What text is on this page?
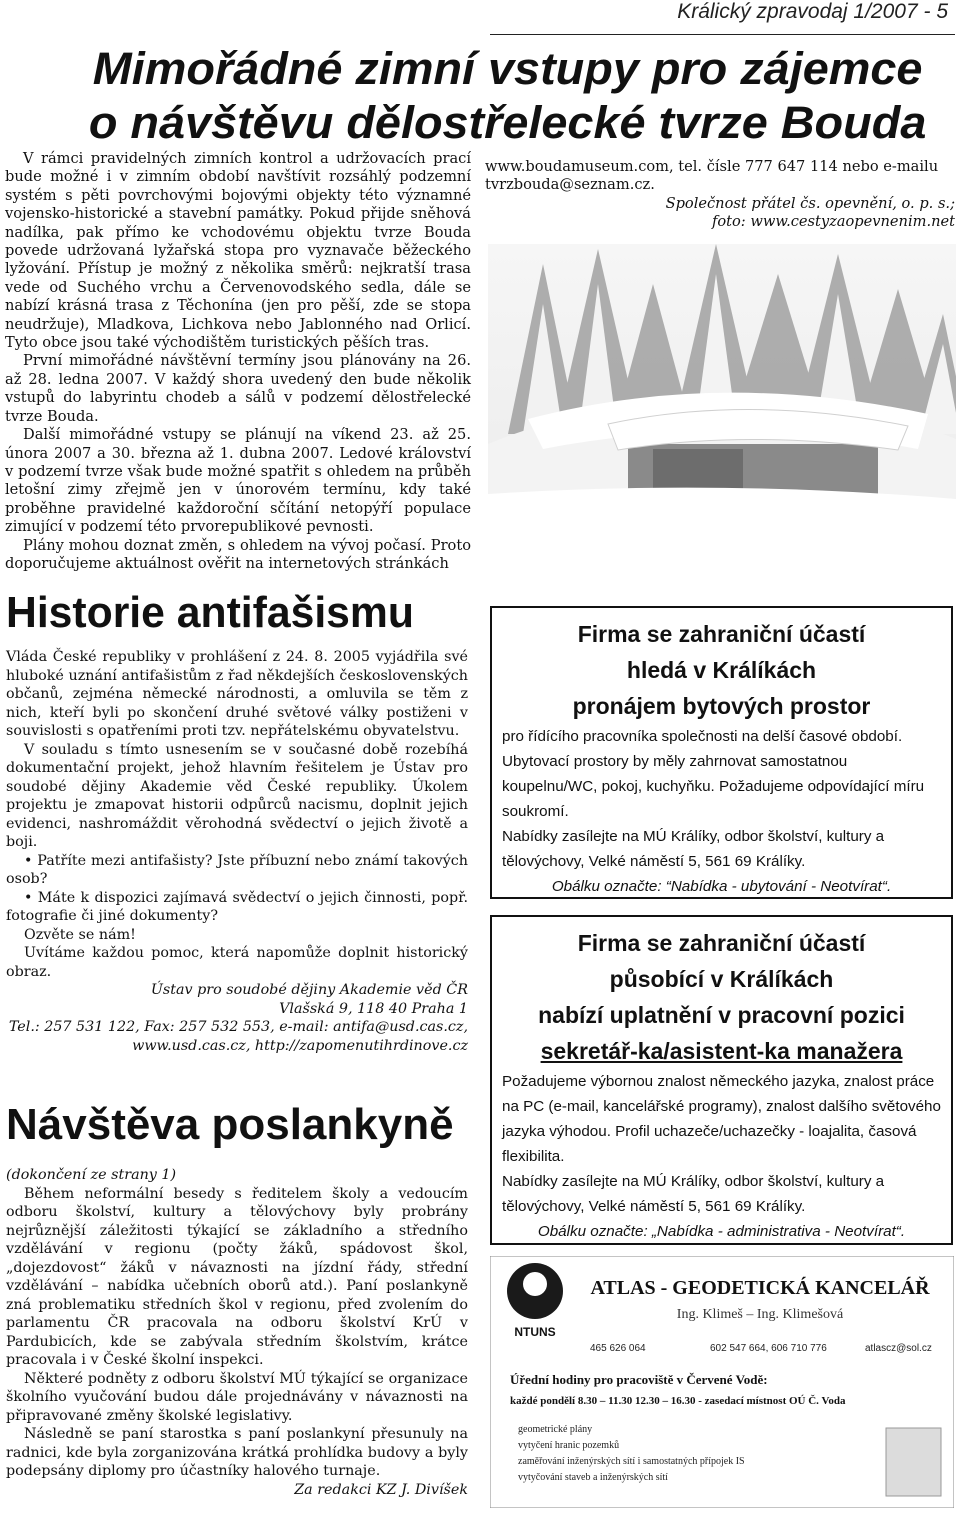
Králický zpravodaj 1/2007 - 5
Mimořádné zimní vstupy pro zájemce
o návštěvu dělostřelecké tvrze Bouda

V rámci pravidelných zimních kontrol a udržovacích prací bude možné i v zimním období navštívit rozsáhlý podzemní systém s pěti povrchovými bojovými objekty této významné vojensko-historické a stavební památky. Pokud přijde sněhová nadílka, pak přímo ke vchodovému objektu tvrze Bouda povede udržovaná lyžařská stopa pro vyznavače běžeckého lyžování. Přístup je možný z několika směrů: nejkratší trasa vede od Suchého vrchu a Červenovodského sedla, dále se nabízí krásná trasa z Těchonína (jen pro pěší, zde se stopa neudržuje), Mladkova, Lichkova nebo Jablonného nad Orlicí. Tyto obce jsou také východištěm turistických pěších tras.

První mimořádné návštěvní termíny jsou plánovány na 26. až 28. ledna 2007. V každý shora uvedený den bude několik vstupů do labyrintu chodeb a sálů v podzemí dělostřelecké tvrze Bouda.

Další mimořádné vstupy se plánují na víkend 23. až 25. února 2007 a 30. března až 1. dubna 2007. Ledové království v podzemí tvrze však bude možné spatřit s ohledem na průběh letošní zimy zřejmě jen v únorovém termínu, kdy také proběhne pravidelné každoroční sčítání netopýří populace zimující v podzemí této prvorepublikové pevnosti.

Plány mohou doznat změn, s ohledem na vývoj počasí. Proto doporučujeme aktuálnost ověřit na internetových stránkách

www.boudamuseum.com, tel. čísle 777 647 114 nebo e-mailu tvrzbouda@seznam.cz.

Společnost přátel čs. opevnění, o. p. s.;

foto: www.cestyzaopevnenim.net

Historie antifašismu

Vláda České republiky v prohlášení z 24. 8. 2005 vyjádřila své hluboké uznání antifašistům z řad někdejších československých občanů, zejména německé národnosti, a omluvila se těm z nich, kteří byli po skončení druhé světové války postiženi v souvislosti s opatřeními proti tzv. nepřátelskému obyvatelstvu.

V souladu s tímto usnesením se v současné době rozebíhá dokumentační projekt, jehož hlavním řešitelem je Ústav pro soudobé dějiny Akademie věd České republiky. Úkolem projektu je zmapovat historii odpůrců nacismu, doplnit jejich evidenci, nashromáždit věrohodná svědectví o jejich životě a boji.

• Patříte mezi antifašisty? Jste příbuzní nebo známí takových osob?

• Máte k dispozici zajímavá svědectví o jejich činnosti, popř. fotografie či jiné dokumenty?

Ozvěte se nám!

Uvítáme každou pomoc, která napomůže doplnit historický obraz.

Ústav pro soudobé dějiny Akademie věd ČR

Vlašská 9, 118 40 Praha 1

Tel.: 257 531 122, Fax: 257 532 553, e-mail: antifa@usd.cas.cz,

www.usd.cas.cz, http://zapomenutihrdinove.cz

Návštěva poslankyně

(dokončení ze strany 1)

Během neformální besedy s ředitelem školy a vedoucím odboru školství, kultury a tělovýchovy byly probrány nejrůznější záležitosti týkající se základního a středního vzdělávání v regionu (počty žáků, spádovost škol, „dojezdovost“ žáků v návaznosti na jízdní řády, střední vzdělávání – nabídka učebních oborů atd.). Paní poslankyně zná problematiku středních škol v regionu, před zvolením do parlamentu ČR pracovala na odboru školství KrÚ v Pardubicích, kde se zabývala středním školstvím, krátce pracovala i v České školní inspekci.

Některé podněty z odboru školství MÚ týkající se organizace školního vyučování budou dále projednávány v návaznosti na připravované změny školské legislativy.

Následně se paní starostka s paní poslankyní přesunuly na radnici, kde byla zorganizována krátká prohlídka budovy a byly podepsány diplomy pro účastníky halového turnaje.

Za redakci KZ J. Divíšek

Firma se zahraniční účastí
hledá v Králíkách
pronájem bytových prostor
pro řídícího pracovníka společnosti na delší časové období. Ubytovací prostory by měly zahrnovat samostatnou koupelnu/WC, pokoj, kuchyňku. Požadujeme odpovídající míru soukromí.
Nabídky zasílejte na MÚ Králíky, odbor školství, kultury a tělovýchovy, Velké náměstí 5, 561 69 Králíky.
Obálku označte: “Nabídka - ubytování - Neotvírat“.
Firma se zahraniční účastí
působící v Králíkách
nabízí uplatnění v pracovní pozici
sekretář-ka/asistent-ka manažera
Požadujeme výbornou znalost německého jazyka, znalost práce na PC (e-mail, kancelářské programy), znalost dalšího světového jazyka výhodou. Profil uchazeče/uchazečky - loajalita, časová flexibilita.
Nabídky zasílejte na MÚ Králíky, odbor školství, kultury a tělovýchovy, Velké náměstí 5, 561 69 Králíky.
Obálku označte: „Nabídka - administrativa - Neotvírat“.
NTUNS
ATLAS - GEODETICKÁ KANCELÁŘ
Ing. Klimeš – Ing. Klimešová
465 626 064	602 547 664, 606 710 776	atlascz@sol.cz
Úřední hodiny pro pracoviště v Červené Vodě:
každé pondělí 8.30 – 11.30 12.30 – 16.30 - zasedací místnost OÚ Č. Voda
geometrické plány
vytyčení hranic pozemků
zaměřování inženýrských sítí i samostatných přípojek IS
vytyčování staveb a inženýrských sítí
